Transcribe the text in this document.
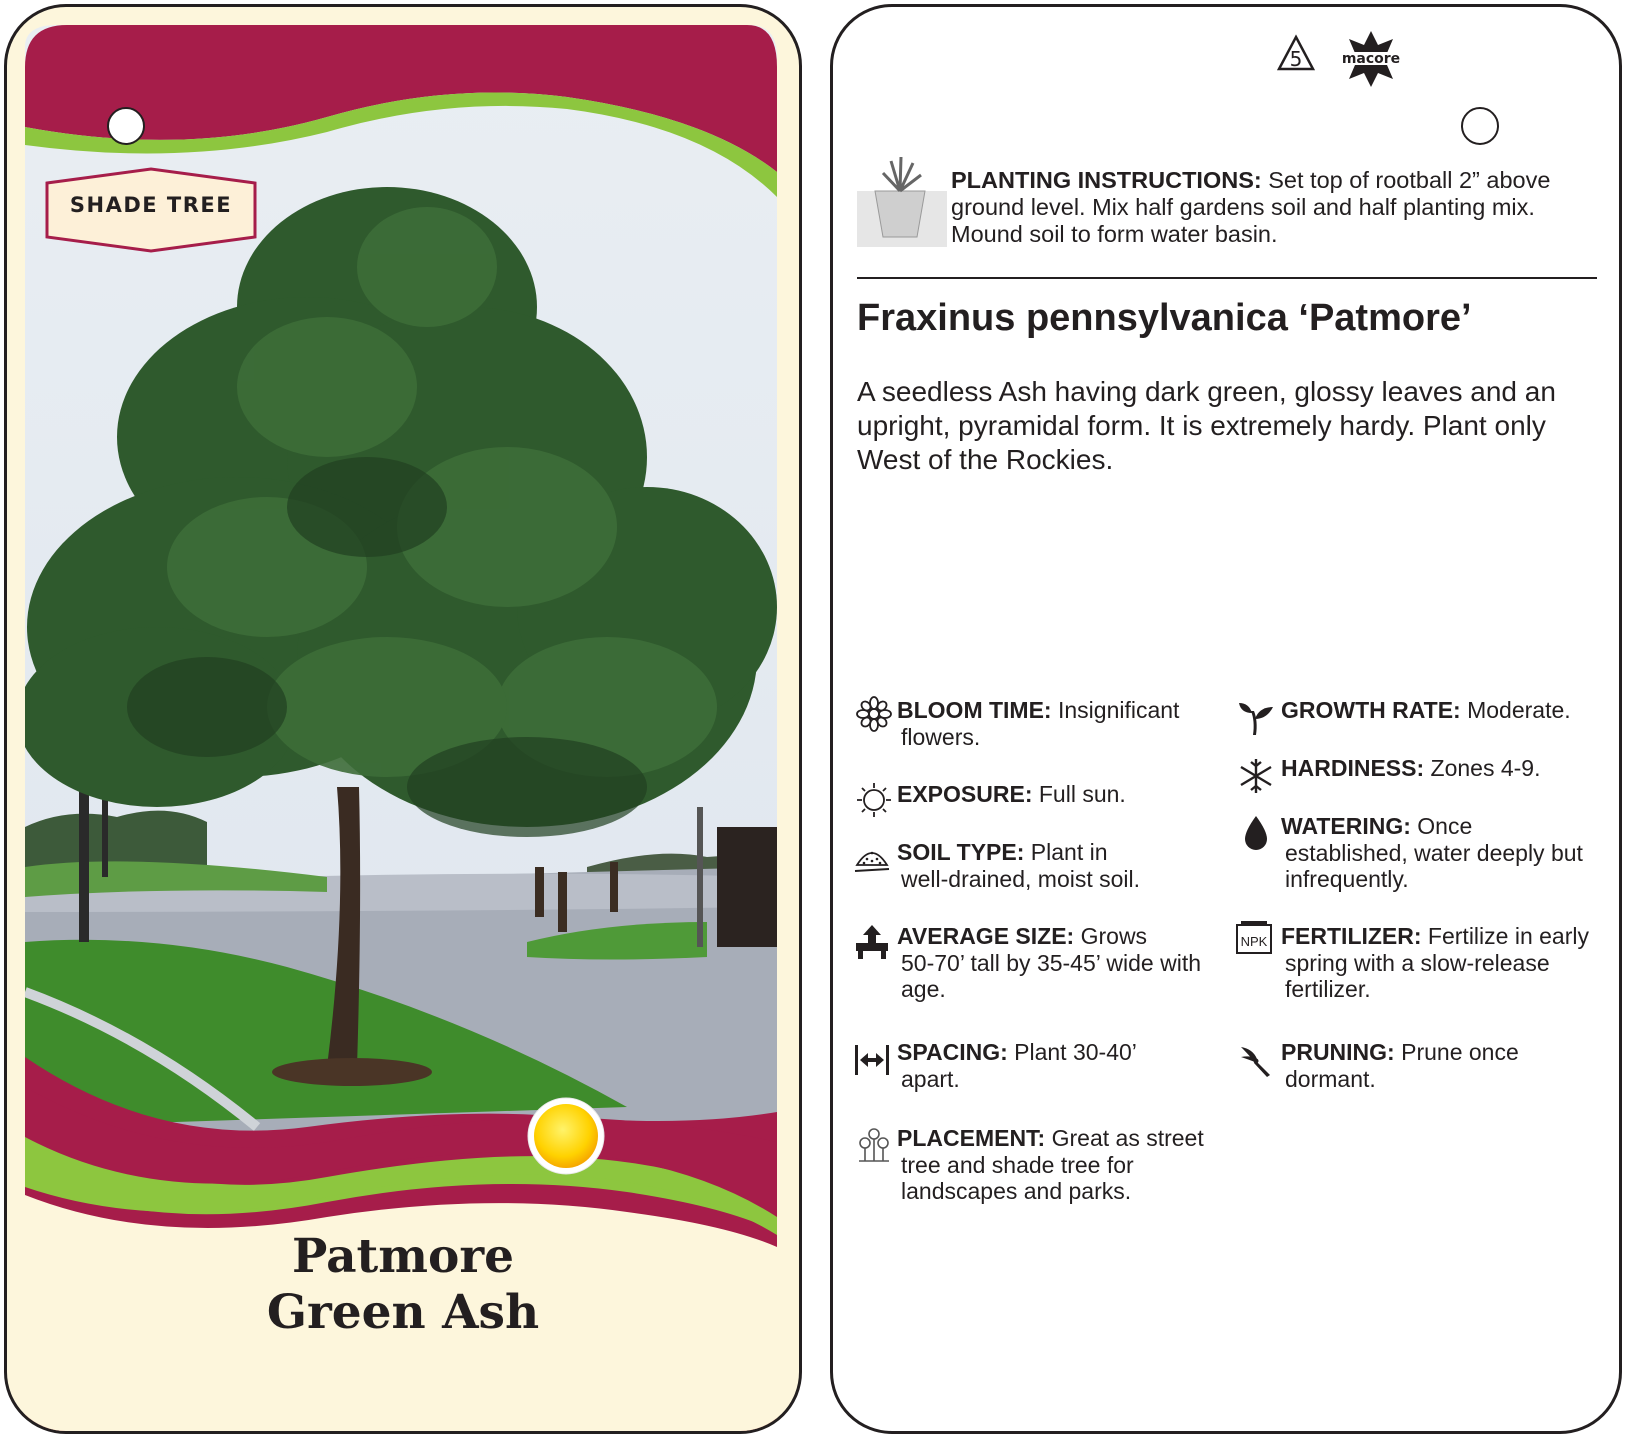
SHADE TREE
Patmore
Green Ash
5	macore
PLANTING INSTRUCTIONS: Set top of rootball 2” above ground level. Mix half gardens soil and half planting mix. Mound soil to form water basin.
Fraxinus pennsylvanica ‘Patmore’
A seedless Ash having dark green, glossy leaves and an upright, pyramidal form. It is extremely hardy. Plant only West of the Rockies.
BLOOM TIME: Insignificant
flowers.
EXPOSURE: Full sun.
SOIL TYPE: Plant in
well-drained, moist soil.
AVERAGE SIZE: Grows
50-70’ tall by 35-45’ wide with age.
SPACING: Plant 30-40’
apart.
PLACEMENT: Great as street
tree and shade tree for landscapes and parks.
GROWTH RATE: Moderate.
HARDINESS: Zones 4-9.
WATERING: Once
established, water deeply but infrequently.
NPK FERTILIZER: Fertilize in early
spring with a slow-release fertilizer.
PRUNING: Prune once
dormant.
